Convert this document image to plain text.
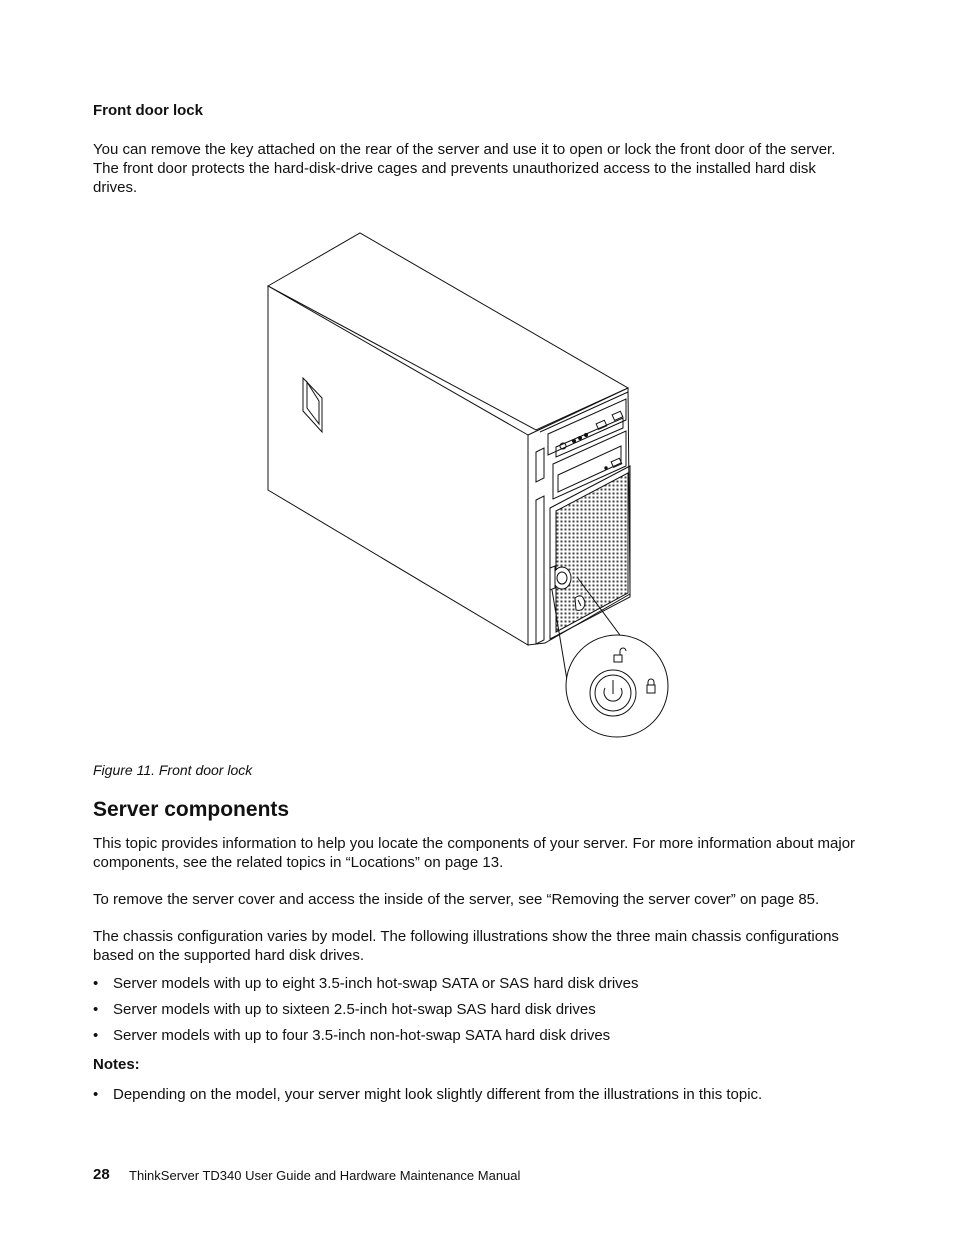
Front door lock
You can remove the key attached on the rear of the server and use it to open or lock the front door of the server. The front door protects the hard-disk-drive cages and prevents unauthorized access to the installed hard disk drives.
Figure 11. Front door lock
Server components
This topic provides information to help you locate the components of your server. For more information about major components, see the related topics in “Locations” on page 13.
To remove the server cover and access the inside of the server, see “Removing the server cover” on page 85.
The chassis configuration varies by model. The following illustrations show the three main chassis configurations based on the supported hard disk drives.
• Server models with up to eight 3.5-inch hot-swap SATA or SAS hard disk drives
• Server models with up to sixteen 2.5-inch hot-swap SAS hard disk drives
• Server models with up to four 3.5-inch non-hot-swap SATA hard disk drives
Notes:
• Depending on the model, your server might look slightly different from the illustrations in this topic.
28 ThinkServer TD340 User Guide and Hardware Maintenance Manual
